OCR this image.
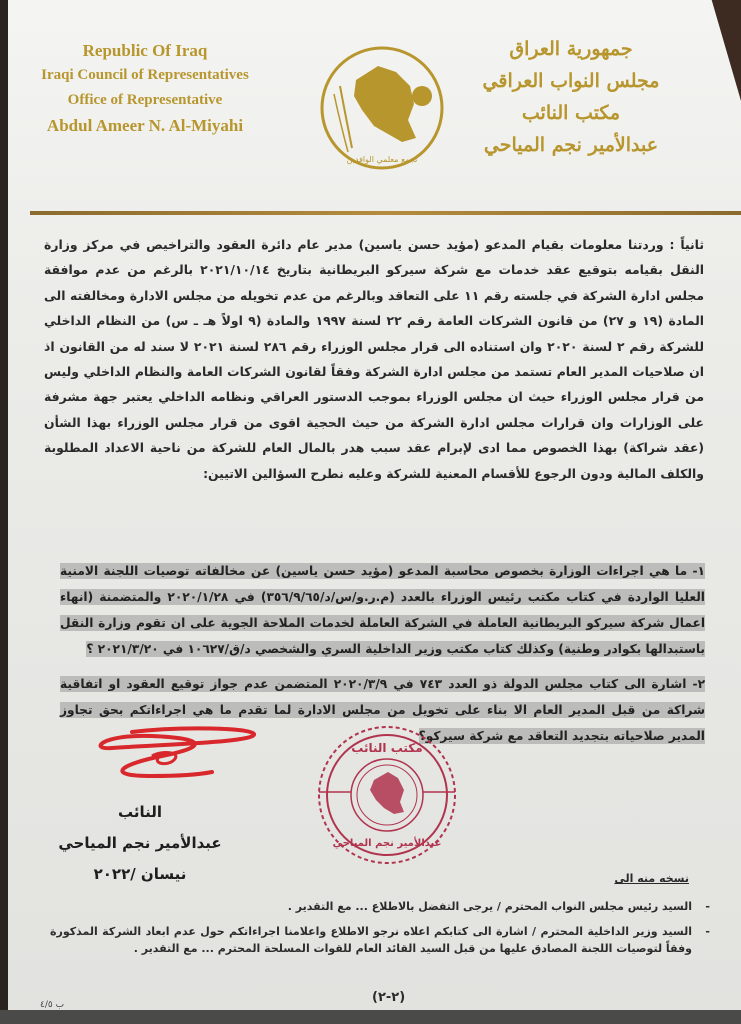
Republic Of Iraq
Iraqi Council of Representatives
Office of Representative
Abdul Ameer N. Al-Miyahi
تجمع معلمي الوافدين
جمهورية العراق
مجلس النواب العراقي
مكتب النائب
عبدالأمير نجم المياحي
ثانياً : وردتنا معلومات بقيام المدعو (مؤيد حسن ياسين) مدير عام دائرة العقود والتراخيص في مركز وزارة النقل بقيامه بتوقيع عقد خدمات مع شركة سيركو البريطانية بتاريخ ٢٠٢١/١٠/١٤ بالرغم من عدم موافقة مجلس ادارة الشركة في جلسته رقم ١١ على التعاقد وبالرغم من عدم تخويله من مجلس الادارة ومخالفته الى المادة (١٩ و ٢٧) من قانون الشركات العامة رقم ٢٢ لسنة ١٩٩٧ والمادة (٩ اولاً هـ ـ س) من النظام الداخلي للشركة رقم ٢ لسنة ٢٠٢٠ وان استناده الى قرار مجلس الوزراء رقم ٢٨٦ لسنة ٢٠٢١ لا سند له من القانون اذ ان صلاحيات المدير العام تستمد من مجلس ادارة الشركة وفقاً لقانون الشركات العامة والنظام الداخلي وليس من قرار مجلس الوزراء حيث ان مجلس الوزراء بموجب الدستور العراقي ونظامه الداخلي يعتبر جهة مشرفة على الوزارات وان قرارات مجلس ادارة الشركة من حيث الحجية اقوى من قرار مجلس الوزراء بهذا الشأن (عقد شراكة) بهذا الخصوص مما ادى لإبرام عقد سبب هدر بالمال العام للشركة من ناحية الاعداد المطلوبة والكلف المالية ودون الرجوع للأقسام المعنية للشركة وعليه نطرح السؤالين الاتيين:
١- ما هي اجراءات الوزارة بخصوص محاسبة المدعو (مؤيد حسن ياسين) عن مخالفاته توصيات اللجنة الامنية العليا الواردة في كتاب مكتب رئيس الوزراء بالعدد (م.ر.و/س/د/٣٥٦/٩/٦٥) في ٢٠٢٠/١/٢٨ والمتضمنة (انهاء اعمال شركة سيركو البريطانية العاملة في الشركة العاملة لخدمات الملاحة الجوية على ان تقوم وزارة النقل باستبدالها بكوادر وطنية) وكذلك كتاب مكتب وزير الداخلية السري والشخصي د/ق/١٠٦٢٧ في ٢٠٢١/٣/٢٠ ؟
٢- اشارة الى كتاب مجلس الدولة ذو العدد ٧٤٣ في ٢٠٢٠/٣/٩ المتضمن عدم جواز توقيع العقود او اتفاقية شراكة من قبل المدير العام الا بناء على تخويل من مجلس الادارة لما تقدم ما هي اجراءاتكم بحق تجاوز المدير صلاحياته بتجديد التعاقد مع شركة سيركو؟
مكتب النائب
عبدالأمير نجم المياحي
النائب
عبدالأمير نجم المياحي
نيسان /٢٠٢٢	نسخه منه الى
- السيد رئيس مجلس النواب المحترم / يرجى التفضل بالاطلاع ... مع التقدير .
- السيد وزير الداخلية المحترم / اشارة الى كتابكم اعلاه نرجو الاطلاع واعلامنا اجراءاتكم حول عدم ابعاد الشركة المذكورة وفقاً لتوصيات اللجنة المصادق عليها من قبل السيد القائد العام للقوات المسلحة المحترم ... مع التقدير .
(٢-٢)
ب ٤/٥
